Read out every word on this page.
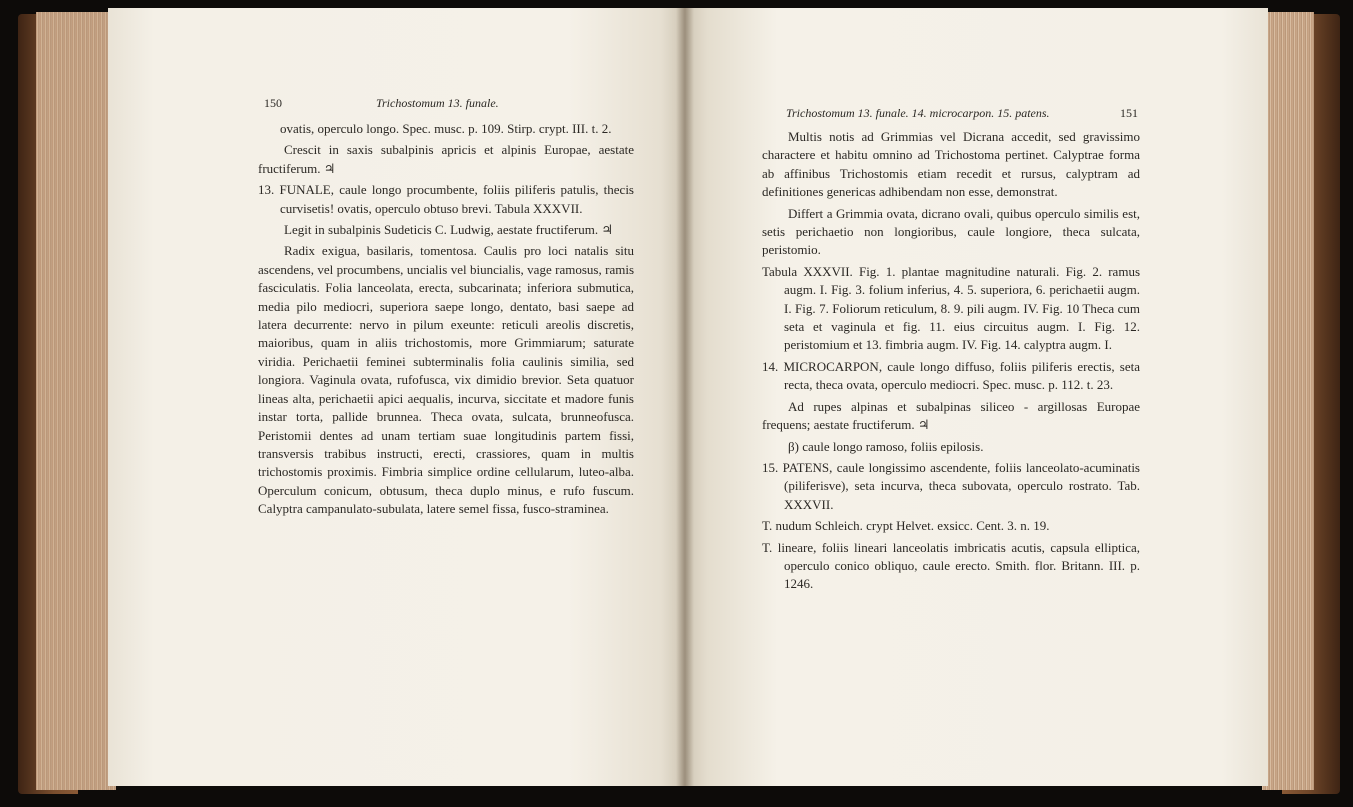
150	Trichostomum 13. funale.

ovatis, operculo longo. Spec. musc. p. 109. Stirp. crypt. III. t. 2.

Crescit in saxis subalpinis apricis et alpinis Europae, aestate fructiferum. ♃

13. FUNALE, caule longo procumbente, foliis piliferis patulis, thecis curvisetis! ovatis, operculo obtuso brevi. Tabula XXXVII.

Legit in subalpinis Sudeticis C. Ludwig, aestate fructiferum. ♃

Radix exigua, basilaris, tomentosa. Caulis pro loci natalis situ ascendens, vel procumbens, uncialis vel biuncialis, vage ramosus, ramis fasciculatis. Folia lanceolata, erecta, subcarinata; inferiora submutica, media pilo mediocri, superiora saepe longo, dentato, basi saepe ad latera decurrente: nervo in pilum exeunte: reticuli areolis discretis, maioribus, quam in aliis trichostomis, more Grimmiarum; saturate viridia. Perichaetii feminei subterminalis folia caulinis similia, sed longiora. Vaginula ovata, rufofusca, vix dimidio brevior. Seta quatuor lineas alta, perichaetii apici aequalis, incurva, siccitate et madore funis instar torta, pallide brunnea. Theca ovata, sulcata, brunneofusca. Peristomii dentes ad unam tertiam suae longitudinis partem fissi, transversis trabibus instructi, erecti, crassiores, quam in multis trichostomis proximis. Fimbria simplice ordine cellularum, luteo-alba. Operculum conicum, obtusum, theca duplo minus, e rufo fuscum. Calyptra campanulato-subulata, latere semel fissa, fusco-straminea.

Trichostomum 13. funale. 14. microcarpon. 15. patens.	151

Multis notis ad Grimmias vel Dicrana accedit, sed gravissimo charactere et habitu omnino ad Trichostoma pertinet. Calyptrae forma ab affinibus Trichostomis etiam recedit et rursus, calyptram ad definitiones genericas adhibendam non esse, demonstrat.

Differt a Grimmia ovata, dicrano ovali, quibus operculo similis est, setis perichaetio non longioribus, caule longiore, theca sulcata, peristomio.

Tabula XXXVII. Fig. 1. plantae magnitudine naturali. Fig. 2. ramus augm. I. Fig. 3. folium inferius, 4. 5. superiora, 6. perichaetii augm. I. Fig. 7. Foliorum reticulum, 8. 9. pili augm. IV. Fig. 10 Theca cum seta et vaginula et fig. 11. eius circuitus augm. I. Fig. 12. peristomium et 13. fimbria augm. IV. Fig. 14. calyptra augm. I.

14. MICROCARPON, caule longo diffuso, foliis piliferis erectis, seta recta, theca ovata, operculo mediocri. Spec. musc. p. 112. t. 23.

Ad rupes alpinas et subalpinas siliceo - argillosas Europae frequens; aestate fructiferum. ♃

β) caule longo ramoso, foliis epilosis.

15. PATENS, caule longissimo ascendente, foliis lanceolato-acuminatis (piliferisve), seta incurva, theca subovata, operculo rostrato. Tab. XXXVII.

T. nudum Schleich. crypt Helvet. exsicc. Cent. 3. n. 19.

T. lineare, foliis lineari lanceolatis imbricatis acutis, capsula elliptica, operculo conico obliquo, caule erecto. Smith. flor. Britann. III. p. 1246.
